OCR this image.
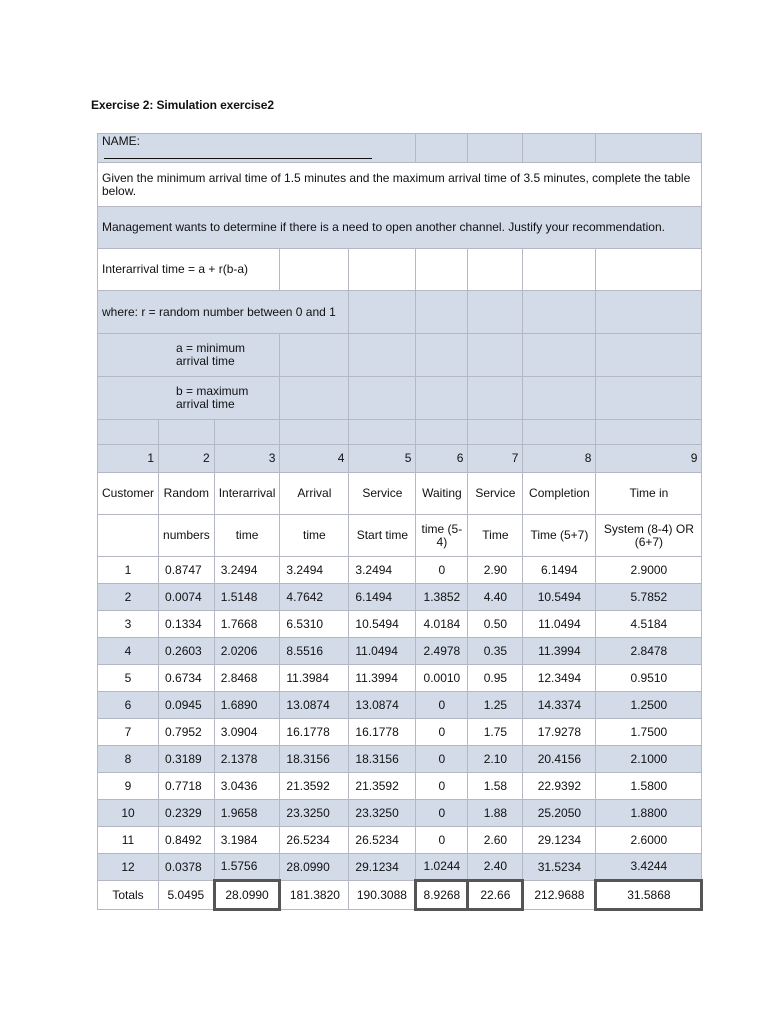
Exercise 2: Simulation exercise2
NAME:								
Given the minimum arrival time of 1.5 minutes and the maximum arrival time of 3.5 minutes, complete the table below.								
Management wants to determine if there is a need to open another channel. Justify your recommendation.								
Interarrival time = a + r(b-a)								
where: r = random number between 0 and 1								
a = minimum arrival time								
b = maximum arrival time								

1	2	3	4	5	6	7	8	9
Customer	Random	Interarrival	Arrival	Service	Waiting	Service	Completion	Time in
	numbers	time	time	Start time	time (5-4)	Time	Time (5+7)	System (8-4) OR (6+7)
1	0.8747	3.2494	3.2494	3.2494	0	2.90	6.1494	2.9000
2	0.0074	1.5148	4.7642	6.1494	1.3852	4.40	10.5494	5.7852
3	0.1334	1.7668	6.5310	10.5494	4.0184	0.50	11.0494	4.5184
4	0.2603	2.0206	8.5516	11.0494	2.4978	0.35	11.3994	2.8478
5	0.6734	2.8468	11.3984	11.3994	0.0010	0.95	12.3494	0.9510
6	0.0945	1.6890	13.0874	13.0874	0	1.25	14.3374	1.2500
7	0.7952	3.0904	16.1778	16.1778	0	1.75	17.9278	1.7500
8	0.3189	2.1378	18.3156	18.3156	0	2.10	20.4156	2.1000
9	0.7718	3.0436	21.3592	21.3592	0	1.58	22.9392	1.5800
10	0.2329	1.9658	23.3250	23.3250	0	1.88	25.2050	1.8800
11	0.8492	3.1984	26.5234	26.5234	0	2.60	29.1234	2.6000
12	0.0378	1.5756	28.0990	29.1234	1.0244	2.40	31.5234	3.4244
Totals	5.0495	28.0990	181.3820	190.3088	8.9268	22.66	212.9688	31.5868
